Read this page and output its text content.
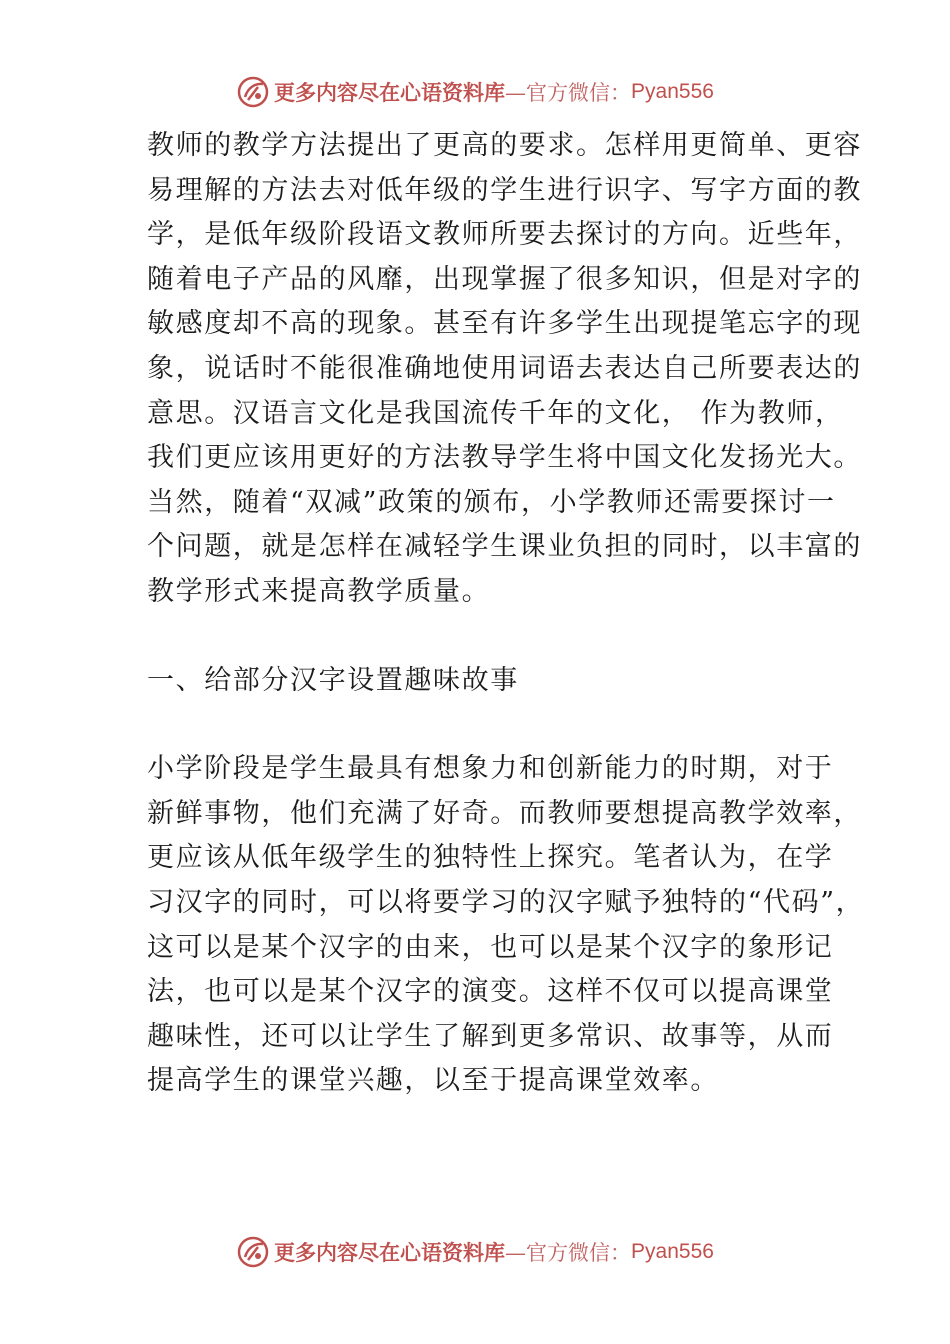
更多内容尽在心语资料库 —官方微信： Pyan556

教师的教学方法提出了更高的要求。怎样用更简单、更容
易理解的方法去对低年级的学生进行识字、写字方面的教
学，是低年级阶段语文教师所要去探讨的方向。近些年，
随着电子产品的风靡，出现掌握了很多知识，但是对字的
敏感度却不高的现象。甚至有许多学生出现提笔忘字的现
象，说话时不能很准确地使用词语去表达自己所要表达的
意思。汉语言文化是我国流传千年的文化， 作为教师，
我们更应该用更好的方法教导学生将中国文化发扬光大。
当然，随着“双减”政策的颁布，小学教师还需要探讨一
个问题，就是怎样在减轻学生课业负担的同时，以丰富的
教学形式来提高教学质量。

一、给部分汉字设置趣味故事

小学阶段是学生最具有想象力和创新能力的时期，对于
新鲜事物，他们充满了好奇。而教师要想提高教学效率，
更应该从低年级学生的独特性上探究。笔者认为，在学
习汉字的同时，可以将要学习的汉字赋予独特的“代码”，
这可以是某个汉字的由来，也可以是某个汉字的象形记
法，也可以是某个汉字的演变。这样不仅可以提高课堂
趣味性，还可以让学生了解到更多常识、故事等，从而
提高学生的课堂兴趣，以至于提高课堂效率。

更多内容尽在心语资料库 —官方微信： Pyan556
